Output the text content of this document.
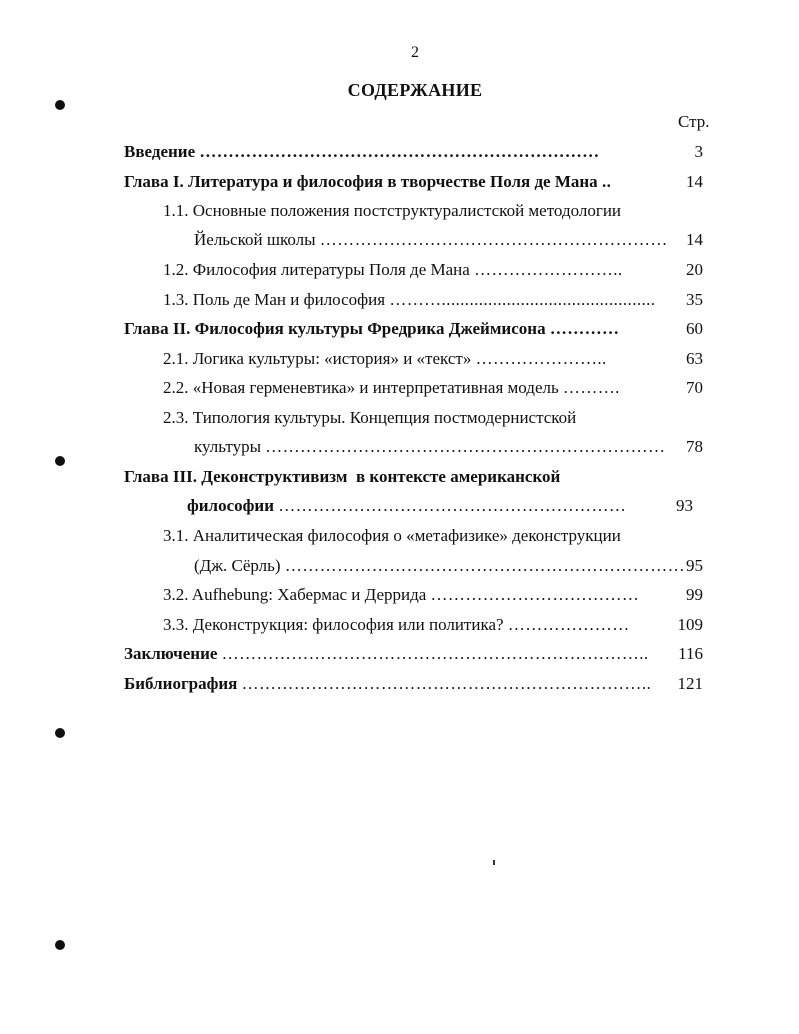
2
СОДЕРЖАНИЕ
Стр.
Введение ……………………………………………………………	3
Глава I. Литература и философия в творчестве Поля де Мана ..	14
1.1. Основные положения постструктуралистской методологии
Йельской школы ……………………………………………………	14
1.2. Философия литературы Поля де Мана ……………………..	20
1.3. Поль де Ман и философия ………..............................................	35
Глава II. Философия культуры Фредрика Джеймисона …………	60
2.1. Логика культуры: «история» и «текст» …………………..	63
2.2. «Новая герменевтика» и интерпретативная модель ……….	70
2.3. Типология культуры. Концепция постмодернистской
культуры ……………………………………………………………	78
Глава III. Деконструктивизм  в контексте американской
философии ……………………………………………………	93
3.1. Аналитическая философия о «метафизике» деконструкции
(Дж. Сёрль) …………………………………………………………… 95
3.2. Aufhebung: Хабермас и Деррида ………………………………	99
3.3. Деконструкция: философия или политика? …………………	109
Заключение ………………………………………………………………..	116
Библиография ……………………………………………………………..	121
